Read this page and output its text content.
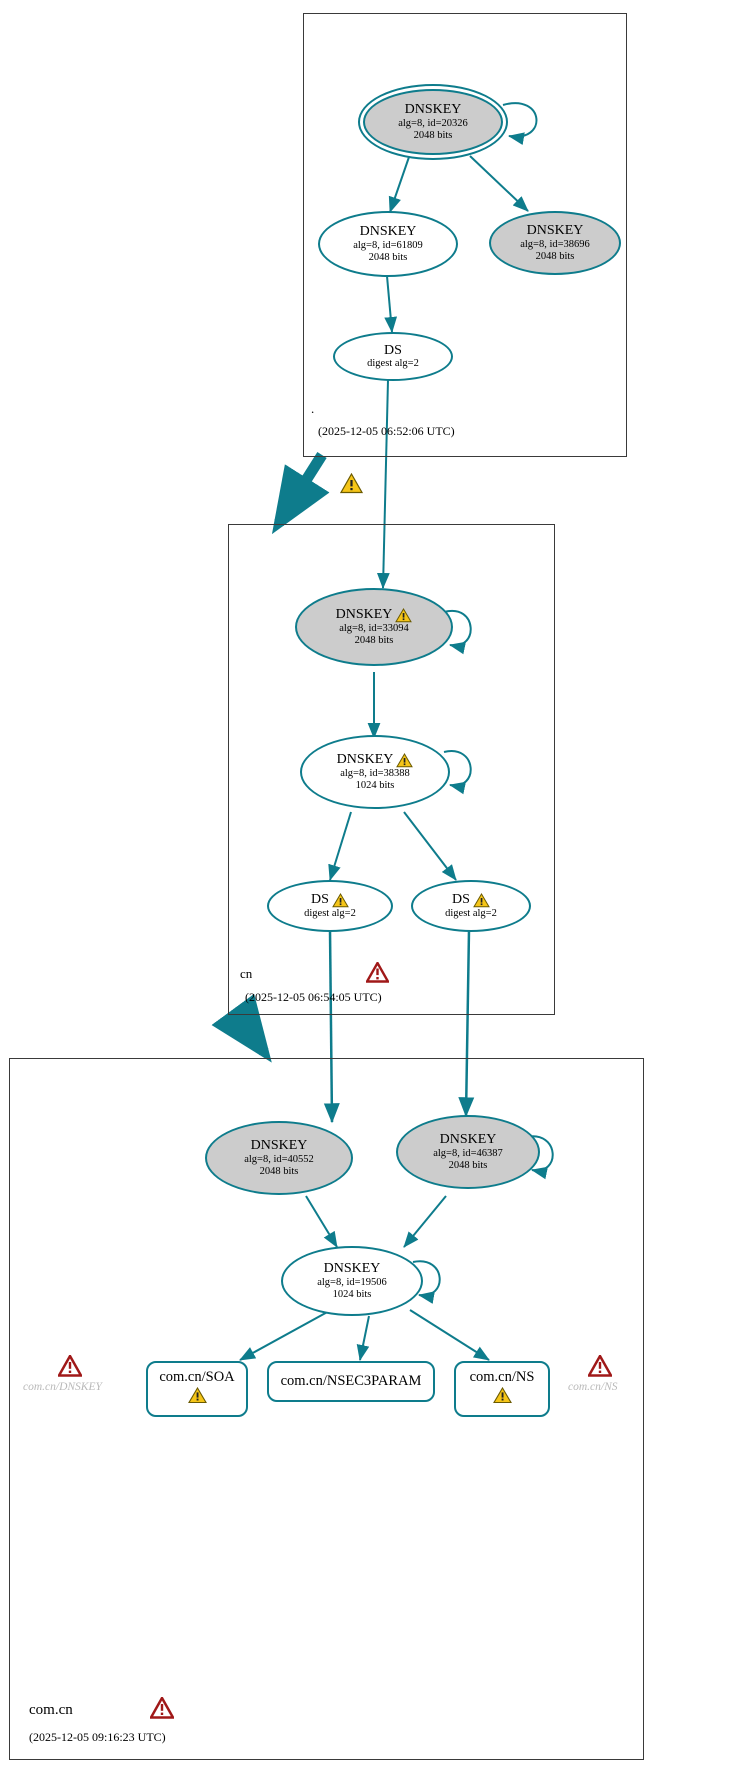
.
(2025-12-05 06:52:06 UTC)
cn
(2025-12-05 06:54:05 UTC)
com.cn
(2025-12-05 09:16:23 UTC)
DNSKEY
alg=8, id=20326
2048 bits
DNSKEY
alg=8, id=61809
2048 bits
DNSKEY
alg=8, id=38696
2048 bits
DS
digest alg=2
DNSKEY
alg=8, id=33094
2048 bits
DNSKEY
alg=8, id=38388
1024 bits
DS
digest alg=2
DS
digest alg=2
DNSKEY
alg=8, id=40552
2048 bits
DNSKEY
alg=8, id=46387
2048 bits
DNSKEY
alg=8, id=19506
1024 bits
com.cn/SOA	com.cn/NSEC3PARAM	com.cn/NS
com.cn/DNSKEY	com.cn/NS
